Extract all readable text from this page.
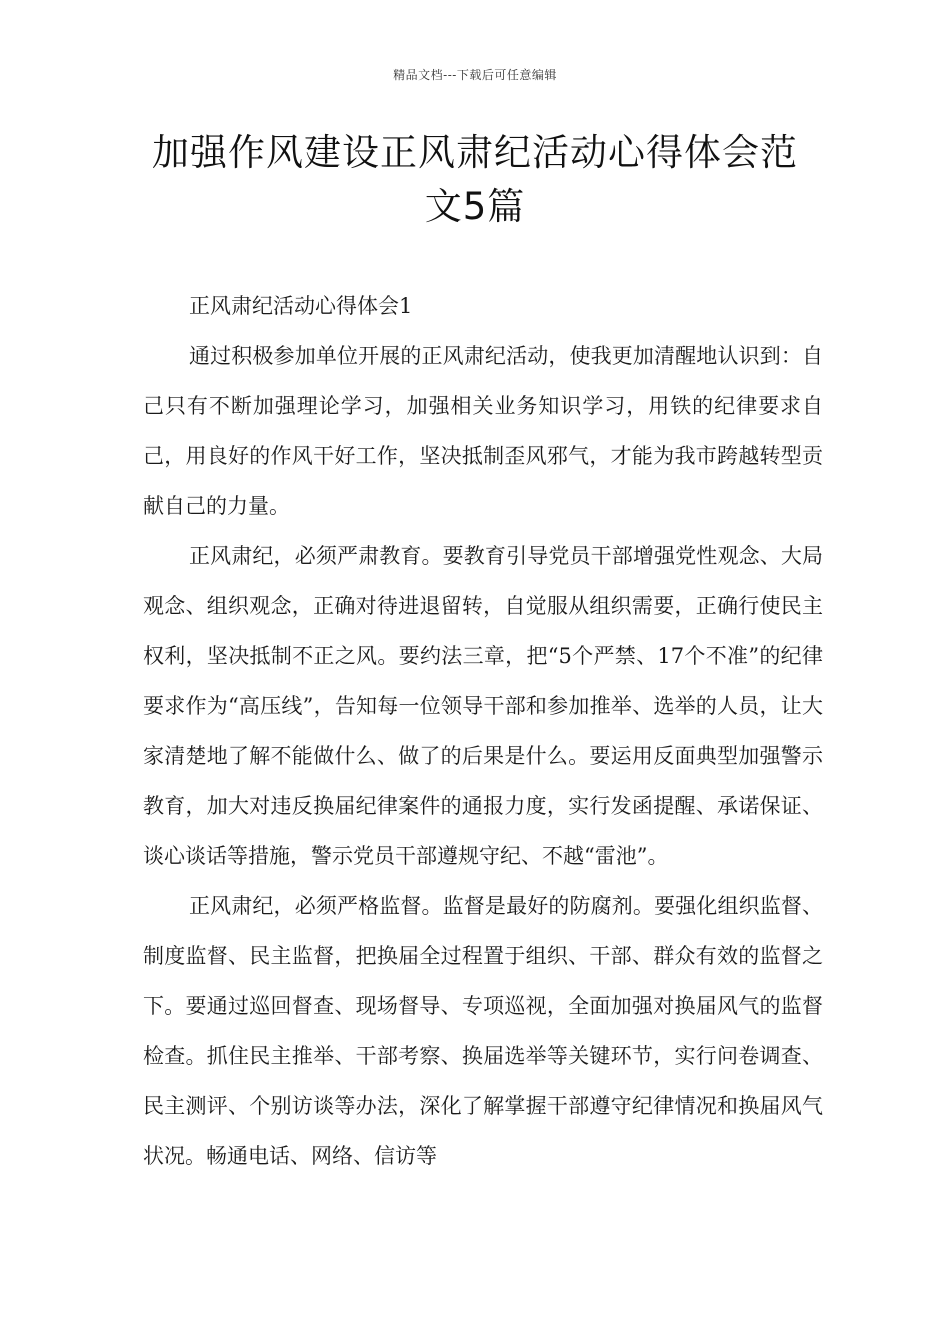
精品文档---下载后可任意编辑
加强作风建设正风肃纪活动心得体会范
文5篇

正风肃纪活动心得体会1

通过积极参加单位开展的正风肃纪活动，使我更加清醒地认识到：自己只有不断加强理论学习，加强相关业务知识学习，用铁的纪律要求自己，用良好的作风干好工作，坚决抵制歪风邪气，才能为我市跨越转型贡献自己的力量。

正风肃纪，必须严肃教育。要教育引导党员干部增强党性观念、大局观念、组织观念，正确对待进退留转，自觉服从组织需要，正确行使民主权利，坚决抵制不正之风。要约法三章，把“5个严禁、17个不准”的纪律要求作为“高压线”，告知每一位领导干部和参加推举、选举的人员，让大家清楚地了解不能做什么、做了的后果是什么。要运用反面典型加强警示教育，加大对违反换届纪律案件的通报力度，实行发函提醒、承诺保证、谈心谈话等措施，警示党员干部遵规守纪、不越“雷池”。

正风肃纪，必须严格监督。监督是最好的防腐剂。要强化组织监督、制度监督、民主监督，把换届全过程置于组织、干部、群众有效的监督之下。要通过巡回督查、现场督导、专项巡视，全面加强对换届风气的监督检查。抓住民主推举、干部考察、换届选举等关键环节，实行问卷调查、民主测评、个别访谈等办法，深化了解掌握干部遵守纪律情况和换届风气状况。畅通电话、网络、信访等
